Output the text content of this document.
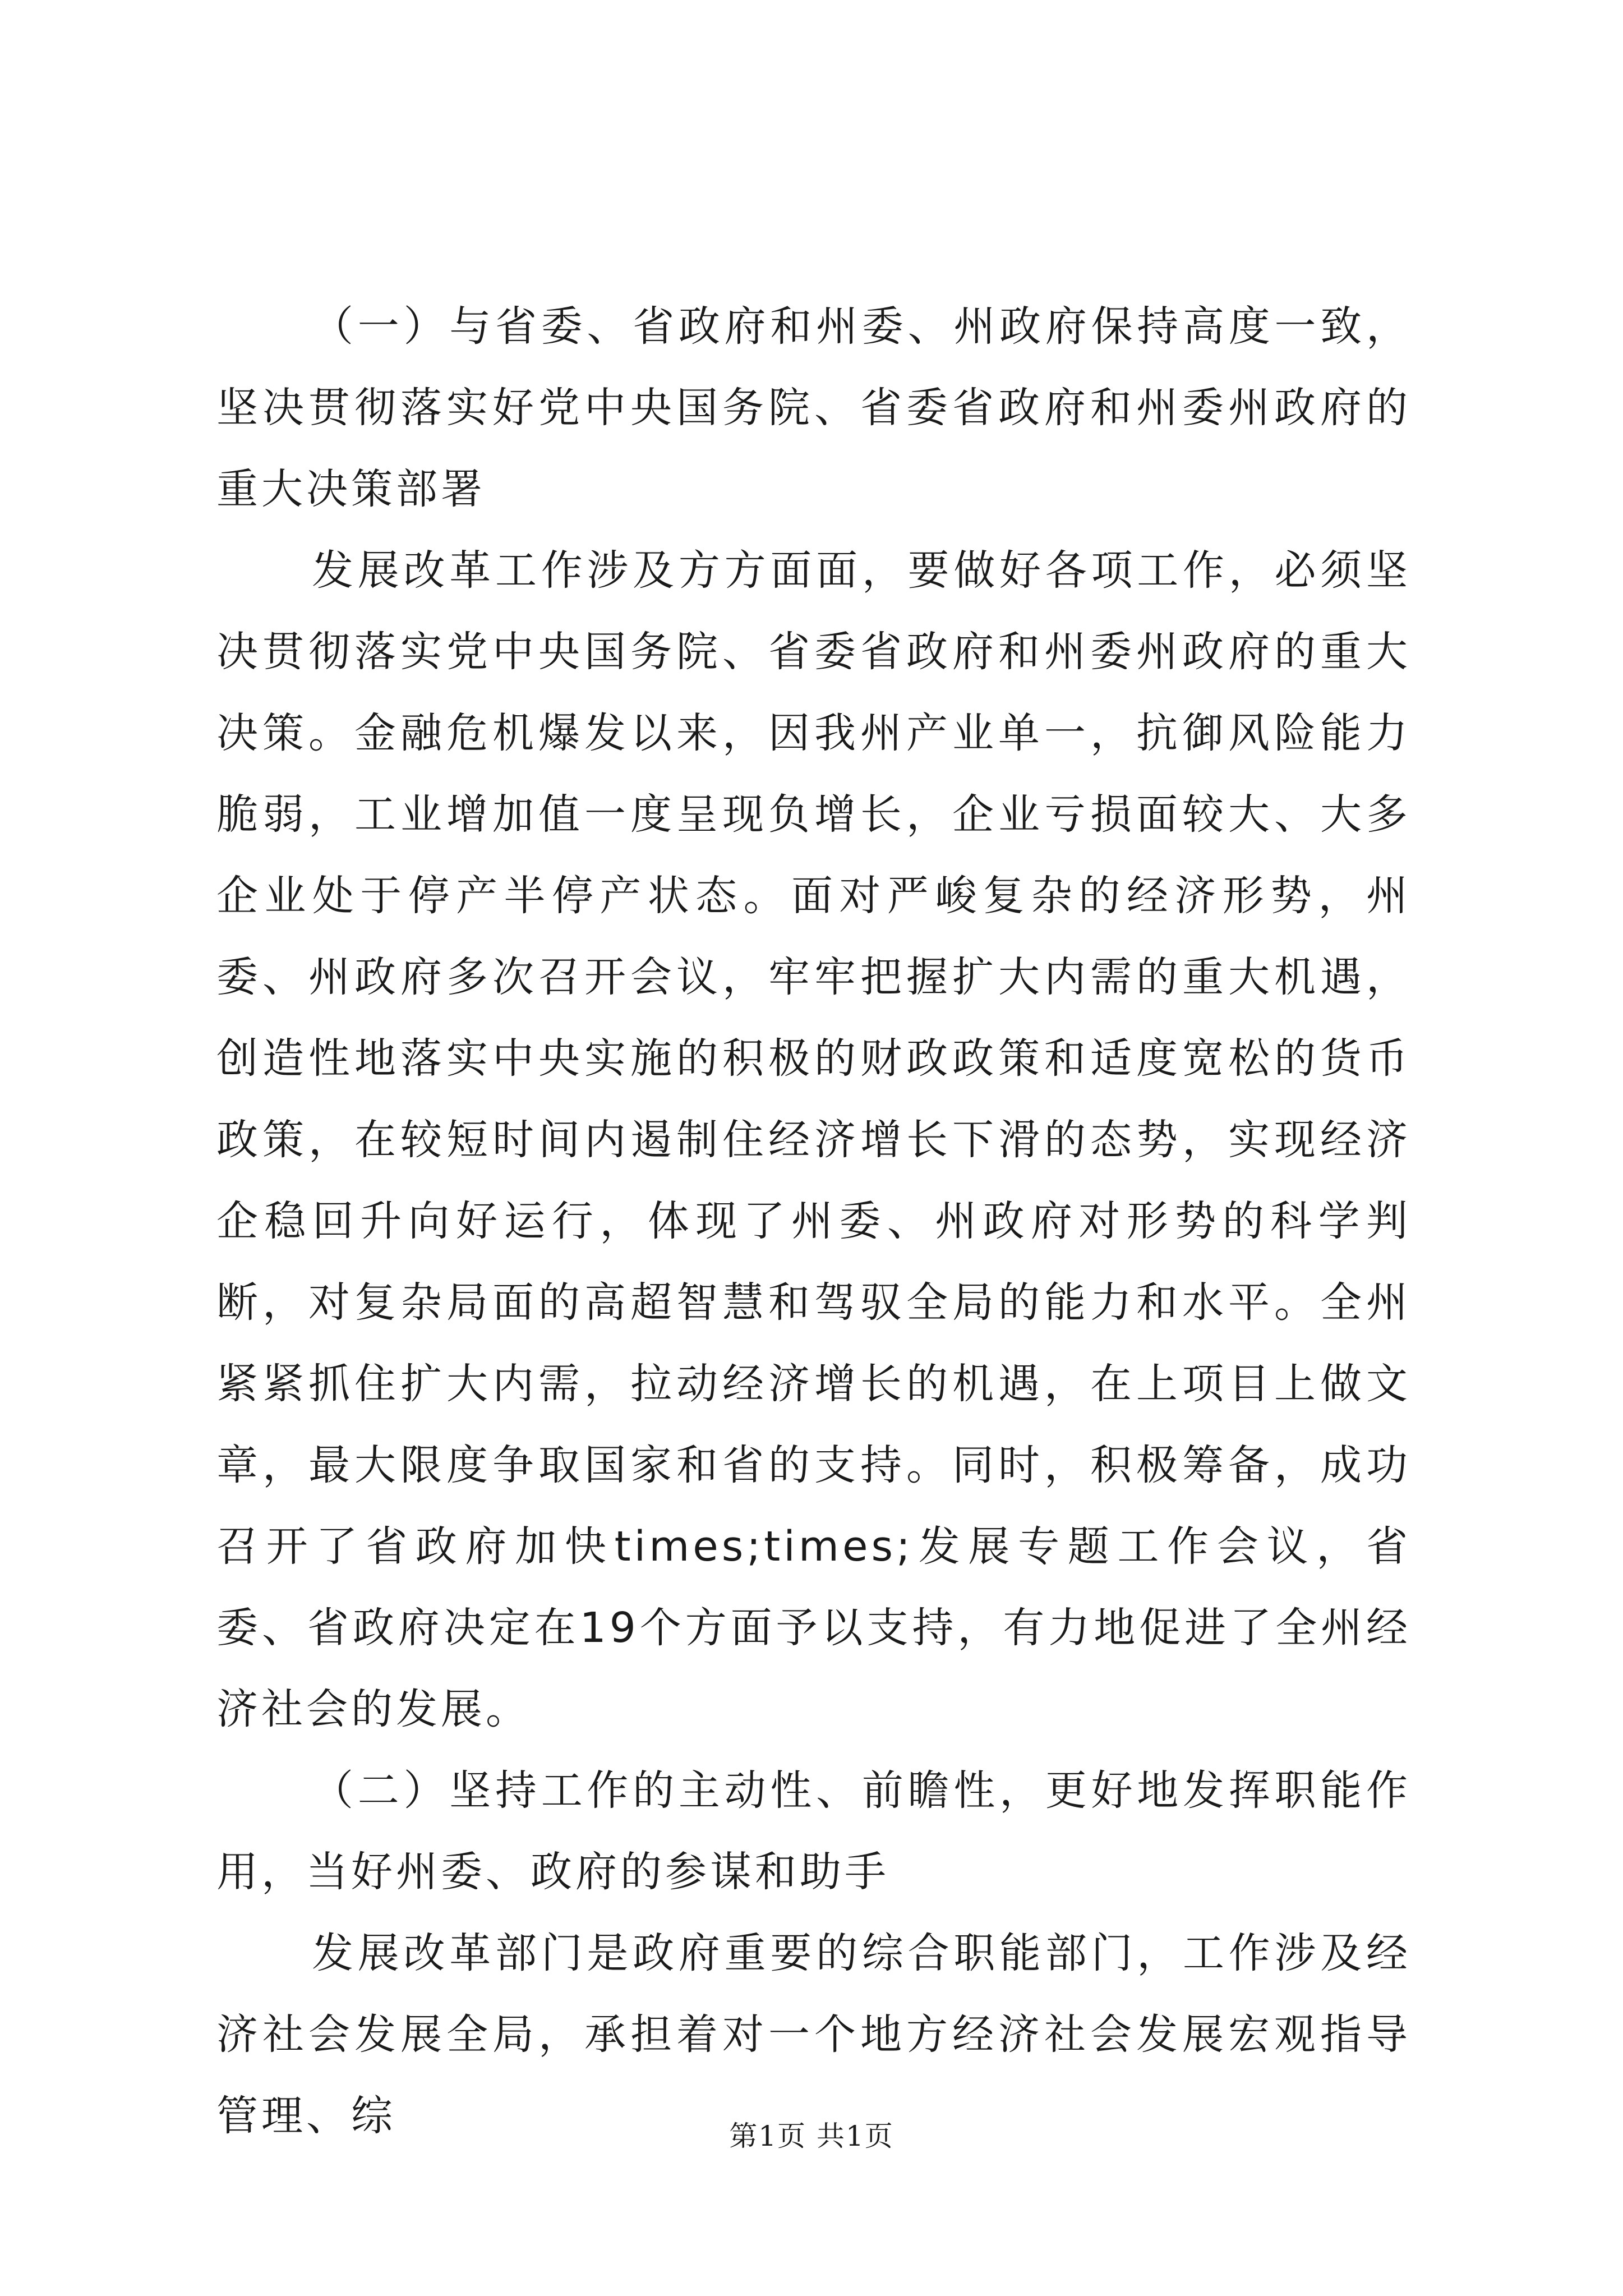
（一）与省委、省政府和州委、州政府保持高度一致，坚决贯彻落实好党中央国务院、省委省政府和州委州政府的重大决策部署

发展改革工作涉及方方面面，要做好各项工作，必须坚决贯彻落实党中央国务院、省委省政府和州委州政府的重大决策。金融危机爆发以来，因我州产业单一，抗御风险能力脆弱，工业增加值一度呈现负增长，企业亏损面较大、大多企业处于停产半停产状态。面对严峻复杂的经济形势，州委、州政府多次召开会议，牢牢把握扩大内需的重大机遇，创造性地落实中央实施的积极的财政政策和适度宽松的货币政策，在较短时间内遏制住经济增长下滑的态势，实现经济企稳回升向好运行，体现了州委、州政府对形势的科学判断，对复杂局面的高超智慧和驾驭全局的能力和水平。全州紧紧抓住扩大内需，拉动经济增长的机遇，在上项目上做文章，最大限度争取国家和省的支持。同时，积极筹备，成功召开了省政府加快times;times;发展专题工作会议，省委、省政府决定在19个方面予以支持，有力地促进了全州经济社会的发展。

（二）坚持工作的主动性、前瞻性，更好地发挥职能作用，当好州委、政府的参谋和助手

发展改革部门是政府重要的综合职能部门，工作涉及经济社会发展全局，承担着对一个地方经济社会发展宏观指导管理、综	第1页 共1页
